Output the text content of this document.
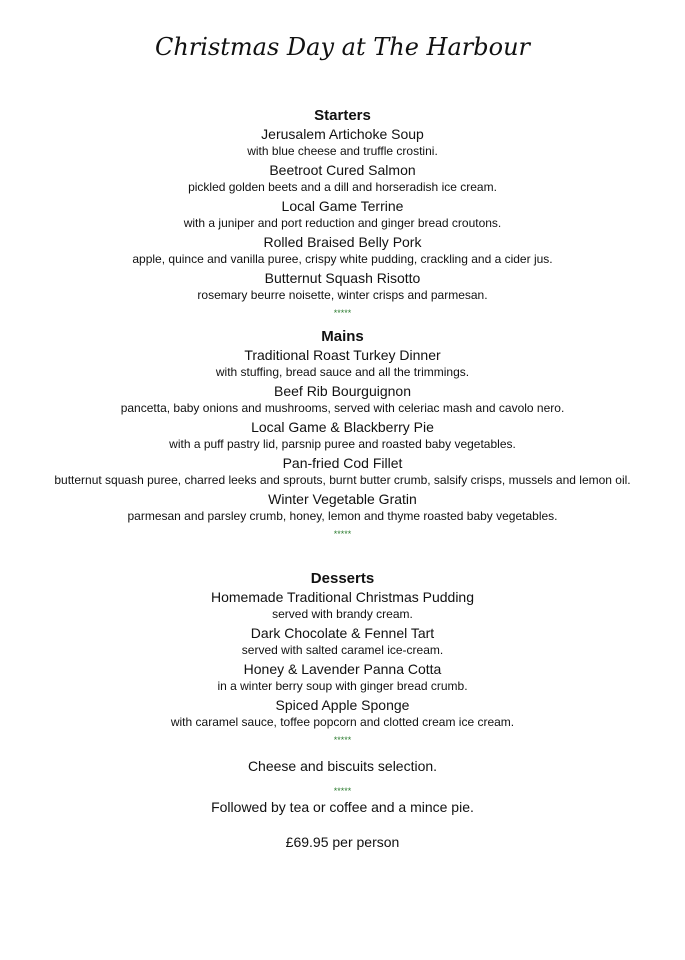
Christmas Day at The Harbour
Starters
Jerusalem Artichoke Soup
with blue cheese and truffle crostini.
Beetroot Cured Salmon
pickled golden beets and a dill and horseradish ice cream.
Local Game Terrine
with a juniper and port reduction and ginger bread croutons.
Rolled Braised Belly Pork
apple, quince and vanilla puree, crispy white pudding, crackling and a cider jus.
Butternut Squash Risotto
rosemary beurre noisette, winter crisps and parmesan.
*****
Mains
Traditional Roast Turkey Dinner
with stuffing, bread sauce and all the trimmings.
Beef Rib Bourguignon
pancetta, baby onions and mushrooms, served with celeriac mash and cavolo nero.
Local Game & Blackberry Pie
with a puff pastry lid, parsnip puree and roasted baby vegetables.
Pan-fried Cod Fillet
butternut squash puree, charred leeks and sprouts, burnt butter crumb, salsify crisps, mussels and lemon oil.
Winter Vegetable Gratin
parmesan and parsley crumb, honey, lemon and thyme roasted baby vegetables.
*****
Desserts
Homemade Traditional Christmas Pudding
served with brandy cream.
Dark Chocolate & Fennel Tart
served with salted caramel ice-cream.
Honey & Lavender Panna Cotta
in a winter berry soup with ginger bread crumb.
Spiced Apple Sponge
with caramel sauce, toffee popcorn and clotted cream ice cream.
*****
Cheese and biscuits selection.
*****
Followed by tea or coffee and a mince pie.
£69.95 per person
